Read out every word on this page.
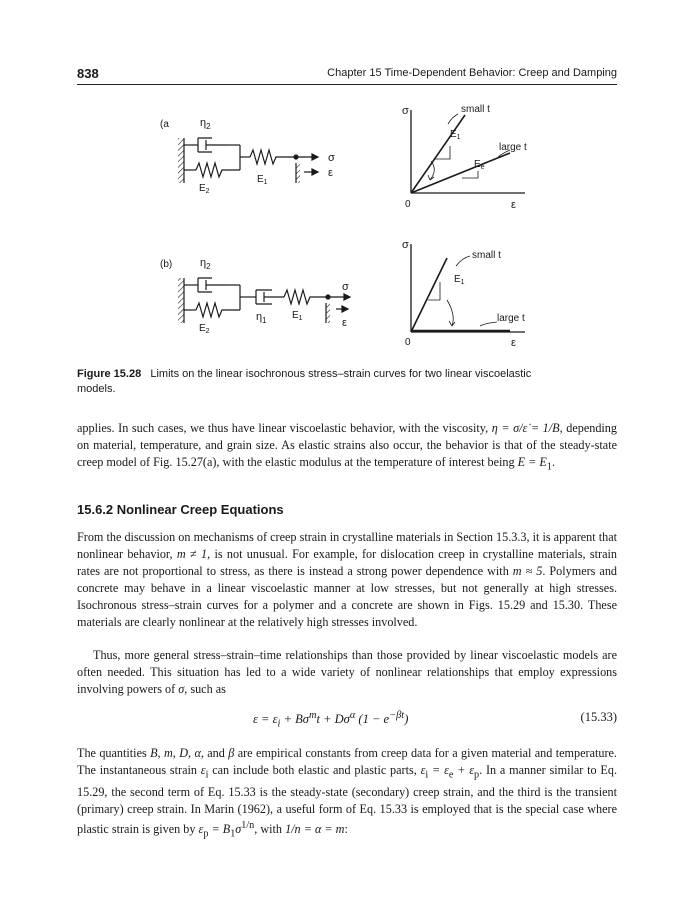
838	Chapter 15 Time-Dependent Behavior: Creep and Damping
(a	$\eta_2$
$E_2$
$E_1$
σ
ε
σ
0	ε
small t
large t
$E_1$
$E_e$
(b)	$\eta_2$
$E_2$
$\eta_1$	$E_1$
σ
ε
σ
0	ε
small t
large t
$E_1$
Figure 15.28 Limits on the linear isochronous stress–strain curves for two linear viscoelastic models.

applies. In such cases, we thus have linear viscoelastic behavior, with the viscosity, η = σ/ε̇ = 1/B, depending on material, temperature, and grain size. As elastic strains also occur, the behavior is that of the steady-state creep model of Fig. 15.27(a), with the elastic modulus at the temperature of interest being $E = E_1$.

15.6.2 Nonlinear Creep Equations

From the discussion on mechanisms of creep strain in crystalline materials in Section 15.3.3, it is apparent that nonlinear behavior, m ≠ 1, is not unusual. For example, for dislocation creep in crystalline materials, strain rates are not proportional to stress, as there is instead a strong power dependence with m ≈ 5. Polymers and concrete may behave in a linear viscoelastic manner at low stresses, but not generally at high stresses. Isochronous stress–strain curves for a polymer and a concrete are shown in Figs. 15.29 and 15.30. These materials are clearly nonlinear at the relatively high stresses involved.

Thus, more general stress–strain–time relationships than those provided by linear viscoelastic models are often needed. This situation has led to a wide variety of nonlinear relationships that employ expressions involving powers of σ, such as

$\varepsilon = \varepsilon_i + B\sigma^mt + D\sigma^\alpha$ $(1 - e^{-\beta t})$	(15.33)

The quantities B, m, D, α, and β are empirical constants from creep data for a given material and temperature. The instantaneous strain $\varepsilon_i$ can include both elastic and plastic parts, $\varepsilon_i = \varepsilon_e + \varepsilon_p$. In a manner similar to Eq. 15.29, the second term of Eq. 15.33 is the steady-state (secondary) creep strain, and the third is the transient (primary) creep strain. In Marin (1962), a useful form of Eq. 15.33 is employed that is the special case where plastic strain is given by $\varepsilon_p = B_1\sigma^{1/n}$, with 1/n = α = m:
